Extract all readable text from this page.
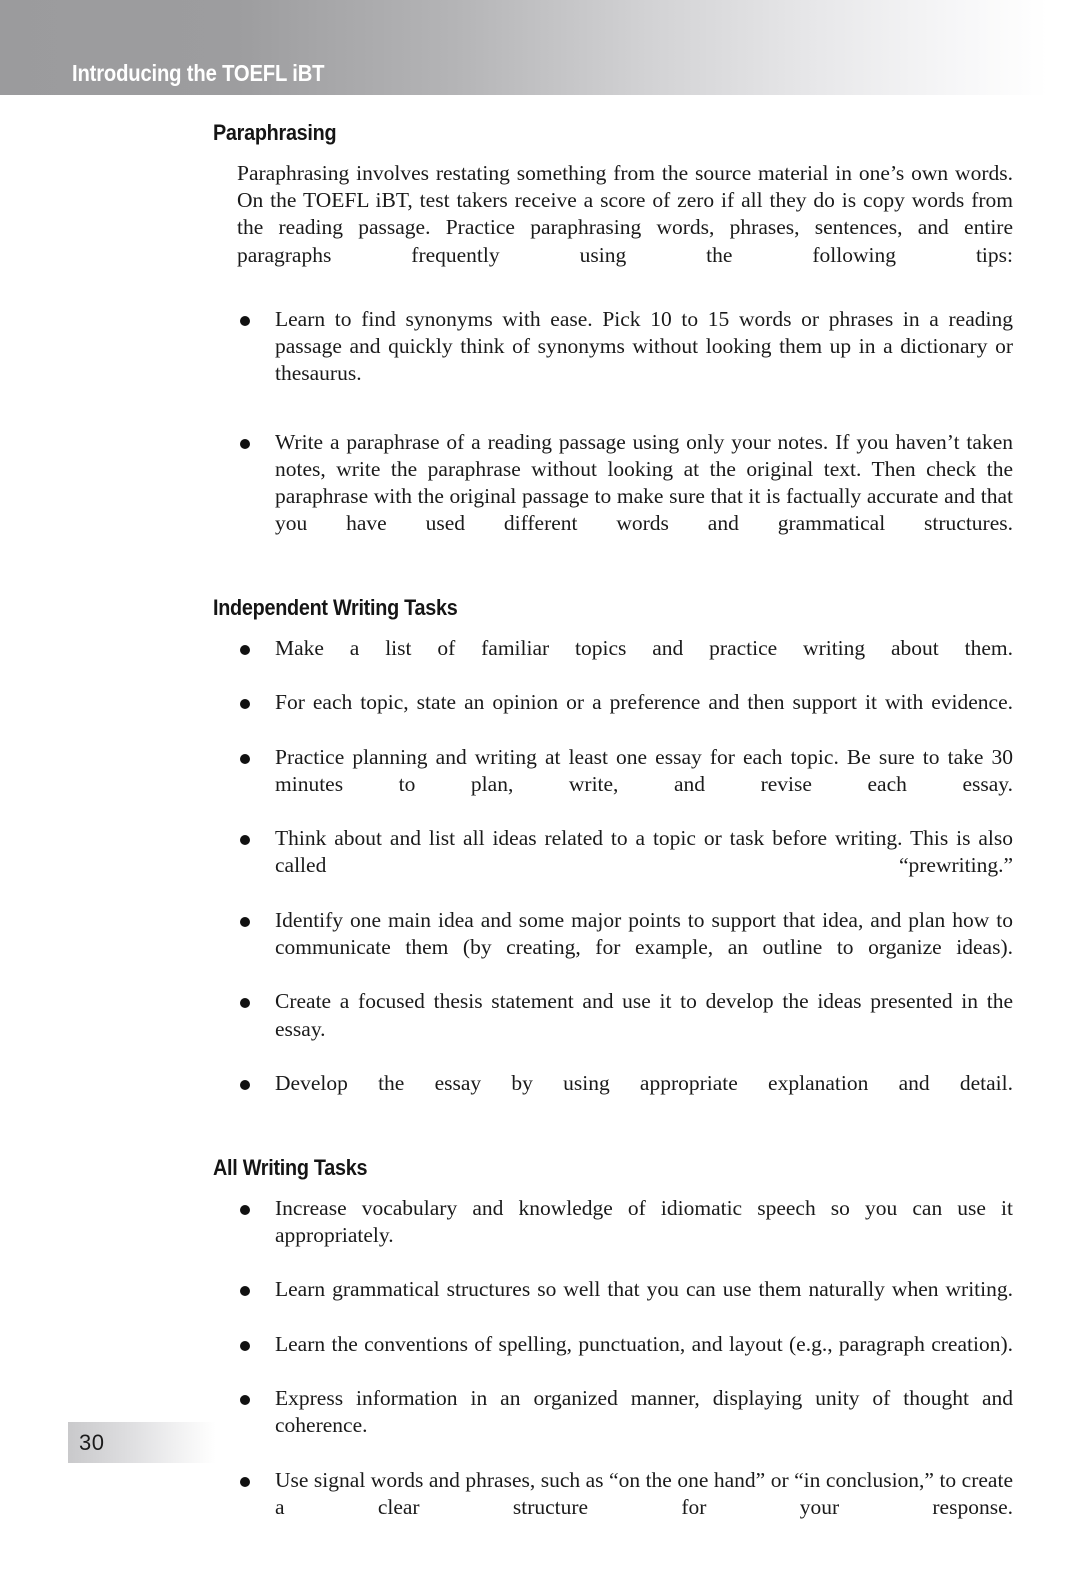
Introducing the TOEFL iBT
Paraphrasing

Paraphrasing involves restating something from the source material in one’s own words. On the TOEFL iBT, test takers receive a score of zero if all they do is copy words from the reading passage. Practice paraphrasing words, phrases, sentences, and entire paragraphs frequently using the following tips:

Learn to find synonyms with ease. Pick 10 to 15 words or phrases in a reading passage and quickly think of synonyms without looking them up in a dictionary or thesaurus.
Write a paraphrase of a reading passage using only your notes. If you haven’t taken notes, write the paraphrase without looking at the original text. Then check the paraphrase with the original passage to make sure that it is factually accurate and that you have used different words and grammatical structures.
Independent Writing Tasks
Make a list of familiar topics and practice writing about them.
For each topic, state an opinion or a preference and then support it with evidence.
Practice planning and writing at least one essay for each topic. Be sure to take 30 minutes to plan, write, and revise each essay.
Think about and list all ideas related to a topic or task before writing. This is also called “prewriting.”
Identify one main idea and some major points to support that idea, and plan how to communicate them (by creating, for example, an outline to organize ideas).
Create a focused thesis statement and use it to develop the ideas presented in the essay.
Develop the essay by using appropriate explanation and detail.
All Writing Tasks
Increase vocabulary and knowledge of idiomatic speech so you can use it appropriately.
Learn grammatical structures so well that you can use them naturally when writing.
Learn the conventions of spelling, punctuation, and layout (e.g., paragraph creation).
Express information in an organized manner, displaying unity of thought and coherence.
Use signal words and phrases, such as “on the one hand” or “in conclusion,” to create a clear structure for your response.
30
